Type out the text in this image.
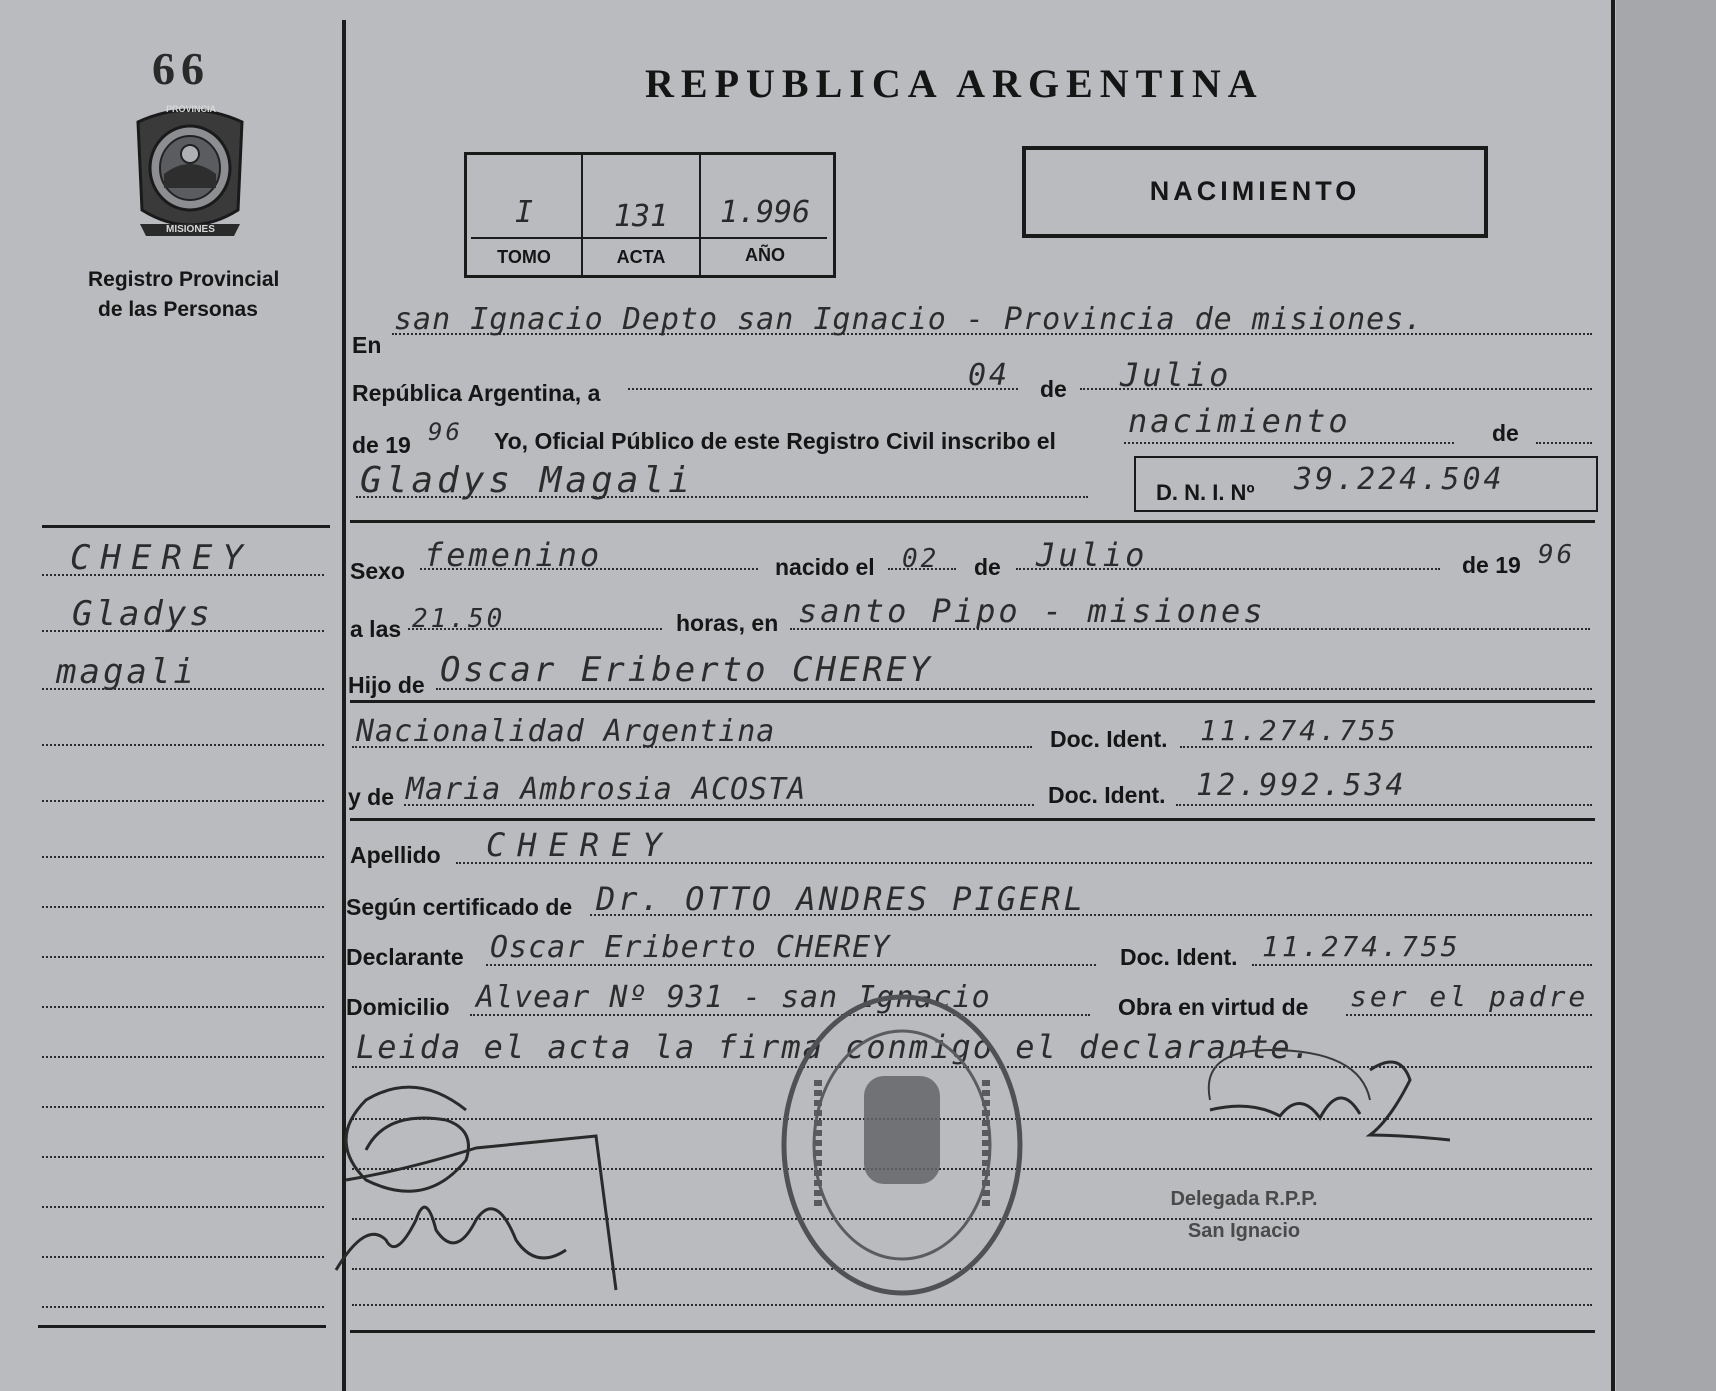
66
PROVINCIA
MISIONES
Registro Provincial
de las Personas
REPUBLICA ARGENTINA
I	131	1.996
TOMO	ACTA	AÑO
NACIMIENTO
CHEREY
Gladys
magali
En
san Ignacio Depto san Ignacio - Provincia de misiones.
República Argentina, a	04 de Julio
de 19 96 Yo, Oficial Público de este Registro Civil inscribo el
nacimiento	de
Gladys Magali	D. N. I. Nº 39.224.504
Sexo femenino	nacido el 02 de Julio	de 19 96
a las 21.50	horas, en santo Pipo - misiones
Hijo de Oscar Eriberto CHEREY
Nacionalidad Argentina	Doc. Ident. 11.274.755
y de Maria Ambrosia ACOSTA	Doc. Ident. 12.992.534
Apellido CHEREY
Según certificado de Dr. OTTO ANDRES PIGERL
Declarante Oscar Eriberto CHEREY	Doc. Ident. 11.274.755
Domicilio Alvear Nº 931 - san Ignacio	Obra en virtud de ser el padre
Leida el acta la firma conmigo el declarante.
Delegada R.P.P.
San Ignacio
